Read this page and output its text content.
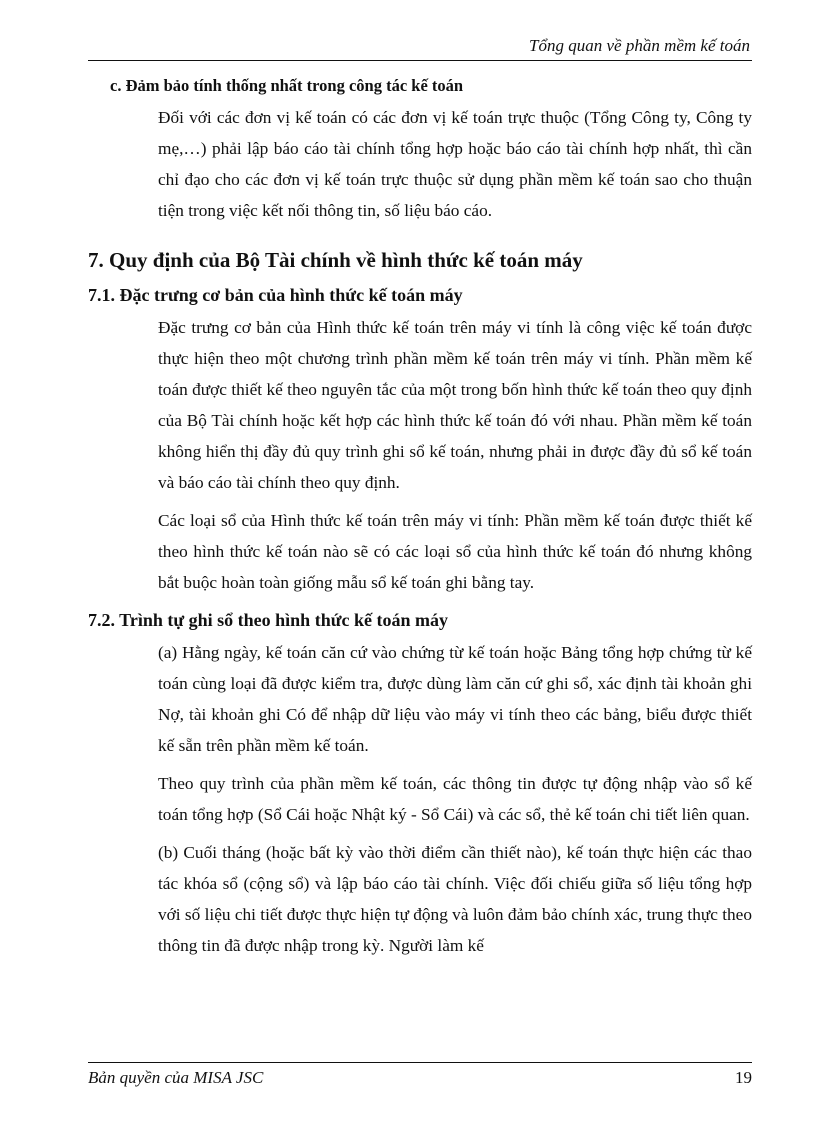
Tổng quan về phần mềm kế toán
c. Đảm bảo tính thống nhất trong công tác kế toán

Đối với các đơn vị kế toán có các đơn vị kế toán trực thuộc (Tổng Công ty, Công ty mẹ,…) phải lập báo cáo tài chính tổng hợp hoặc báo cáo tài chính hợp nhất, thì cần chỉ đạo cho các đơn vị kế toán trực thuộc sử dụng phần mềm kế toán sao cho thuận tiện trong việc kết nối thông tin, số liệu báo cáo.

7. Quy định của Bộ Tài chính về hình thức kế toán máy
7.1. Đặc trưng cơ bản của hình thức kế toán máy

Đặc trưng cơ bản của Hình thức kế toán trên máy vi tính là công việc kế toán được thực hiện theo một chương trình phần mềm kế toán trên máy vi tính. Phần mềm kế toán được thiết kế theo nguyên tắc của một trong bốn hình thức kế toán theo quy định của Bộ Tài chính hoặc kết hợp các hình thức kế toán đó với nhau. Phần mềm kế toán không hiển thị đầy đủ quy trình ghi sổ kế toán, nhưng phải in được đầy đủ sổ kế toán và báo cáo tài chính theo quy định.

Các loại sổ của Hình thức kế toán trên máy vi tính: Phần mềm kế toán được thiết kế theo hình thức kế toán nào sẽ có các loại sổ của hình thức kế toán đó nhưng không bắt buộc hoàn toàn giống mẫu sổ kế toán ghi bằng tay.

7.2. Trình tự ghi sổ theo hình thức kế toán máy

(a) Hằng ngày, kế toán căn cứ vào chứng từ kế toán hoặc Bảng tổng hợp chứng từ kế toán cùng loại đã được kiểm tra, được dùng làm căn cứ ghi sổ, xác định tài khoản ghi Nợ, tài khoản ghi Có để nhập dữ liệu vào máy vi tính theo các bảng, biểu được thiết kế sẵn trên phần mềm kế toán.

Theo quy trình của phần mềm kế toán, các thông tin được tự động nhập vào sổ kế toán tổng hợp (Sổ Cái hoặc Nhật ký - Sổ Cái) và các sổ, thẻ kế toán chi tiết liên quan.

(b) Cuối tháng (hoặc bất kỳ vào thời điểm cần thiết nào), kế toán thực hiện các thao tác khóa sổ (cộng sổ) và lập báo cáo tài chính. Việc đối chiếu giữa số liệu tổng hợp với số liệu chi tiết được thực hiện tự động và luôn đảm bảo chính xác, trung thực theo thông tin đã được nhập trong kỳ. Người làm kế

Bản quyền của MISA JSC	19
